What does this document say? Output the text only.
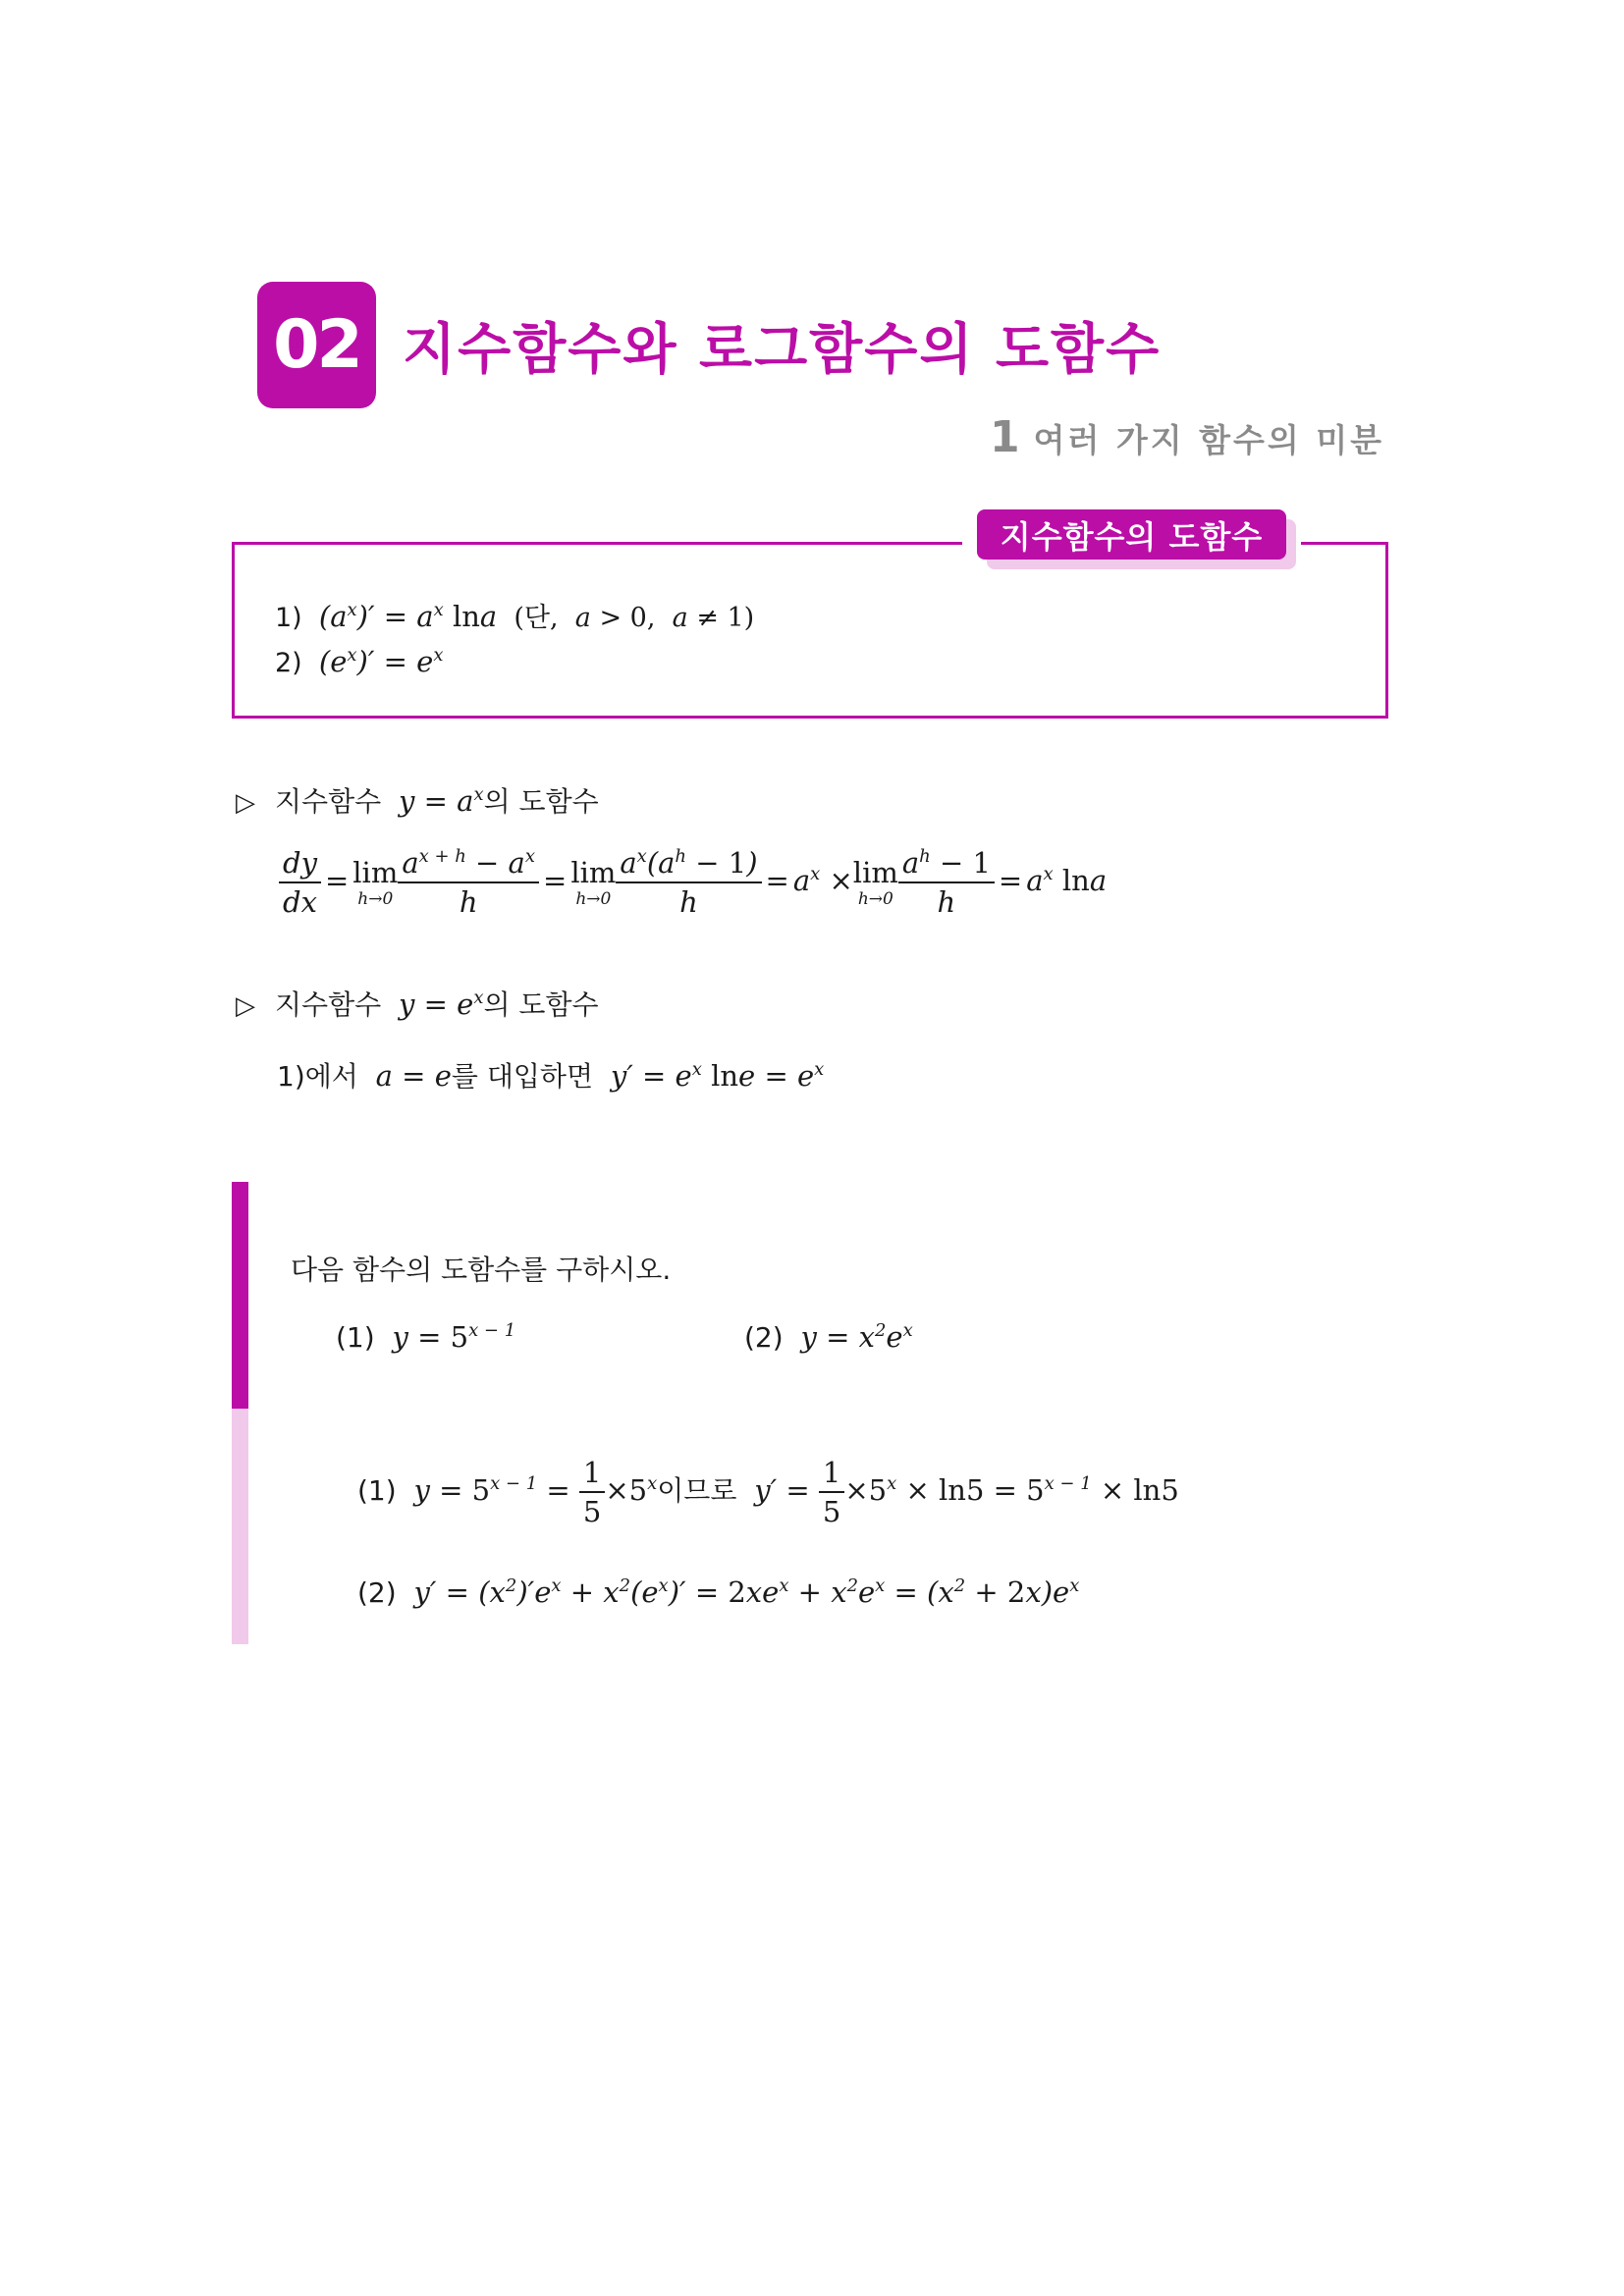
02 지수함수와 로그함수의 도함수
1 여러 가지 함수의 미분
지수함수의 도함수
1) $(a^x)' = a^x$ lna (단,  a > 0,  a ≠ 1)
2) $(e^x)' = e^x$
▷ 지수함수 $y = a^x$의 도함수
$\frac{dy}{dx} = \lim$
$h\to 0 \frac{a^{x + h} - a^x}{h} = \lim$
$h\to 0 \frac{a^x(a^h - 1)}{h} = a^x \times \lim$
$h\to 0 \frac{a^h - 1}{h} = a^x$ lna
▷ 지수함수 $y = e^x$의 도함수
1)에서 a = e를 대입하면 $y' = e^x$ $\ln e = e^x$
다음 함수의 도함수를 구하시오.
(1) $y = 5^{x - 1}$	(2) $y = x^2e^x$
(1) $y = 5^{x - 1} = \frac{1}{5} \times 5^x$이므로 $y' = \frac{1}{5} \times 5^x \times \ln 5 = 5^{x - 1} \times \ln 5$
(2) $y' = (x^2)'e^x + x^2(e^x)' = 2xe^x + x^2e^x = (x^2 + 2x)e^x$
